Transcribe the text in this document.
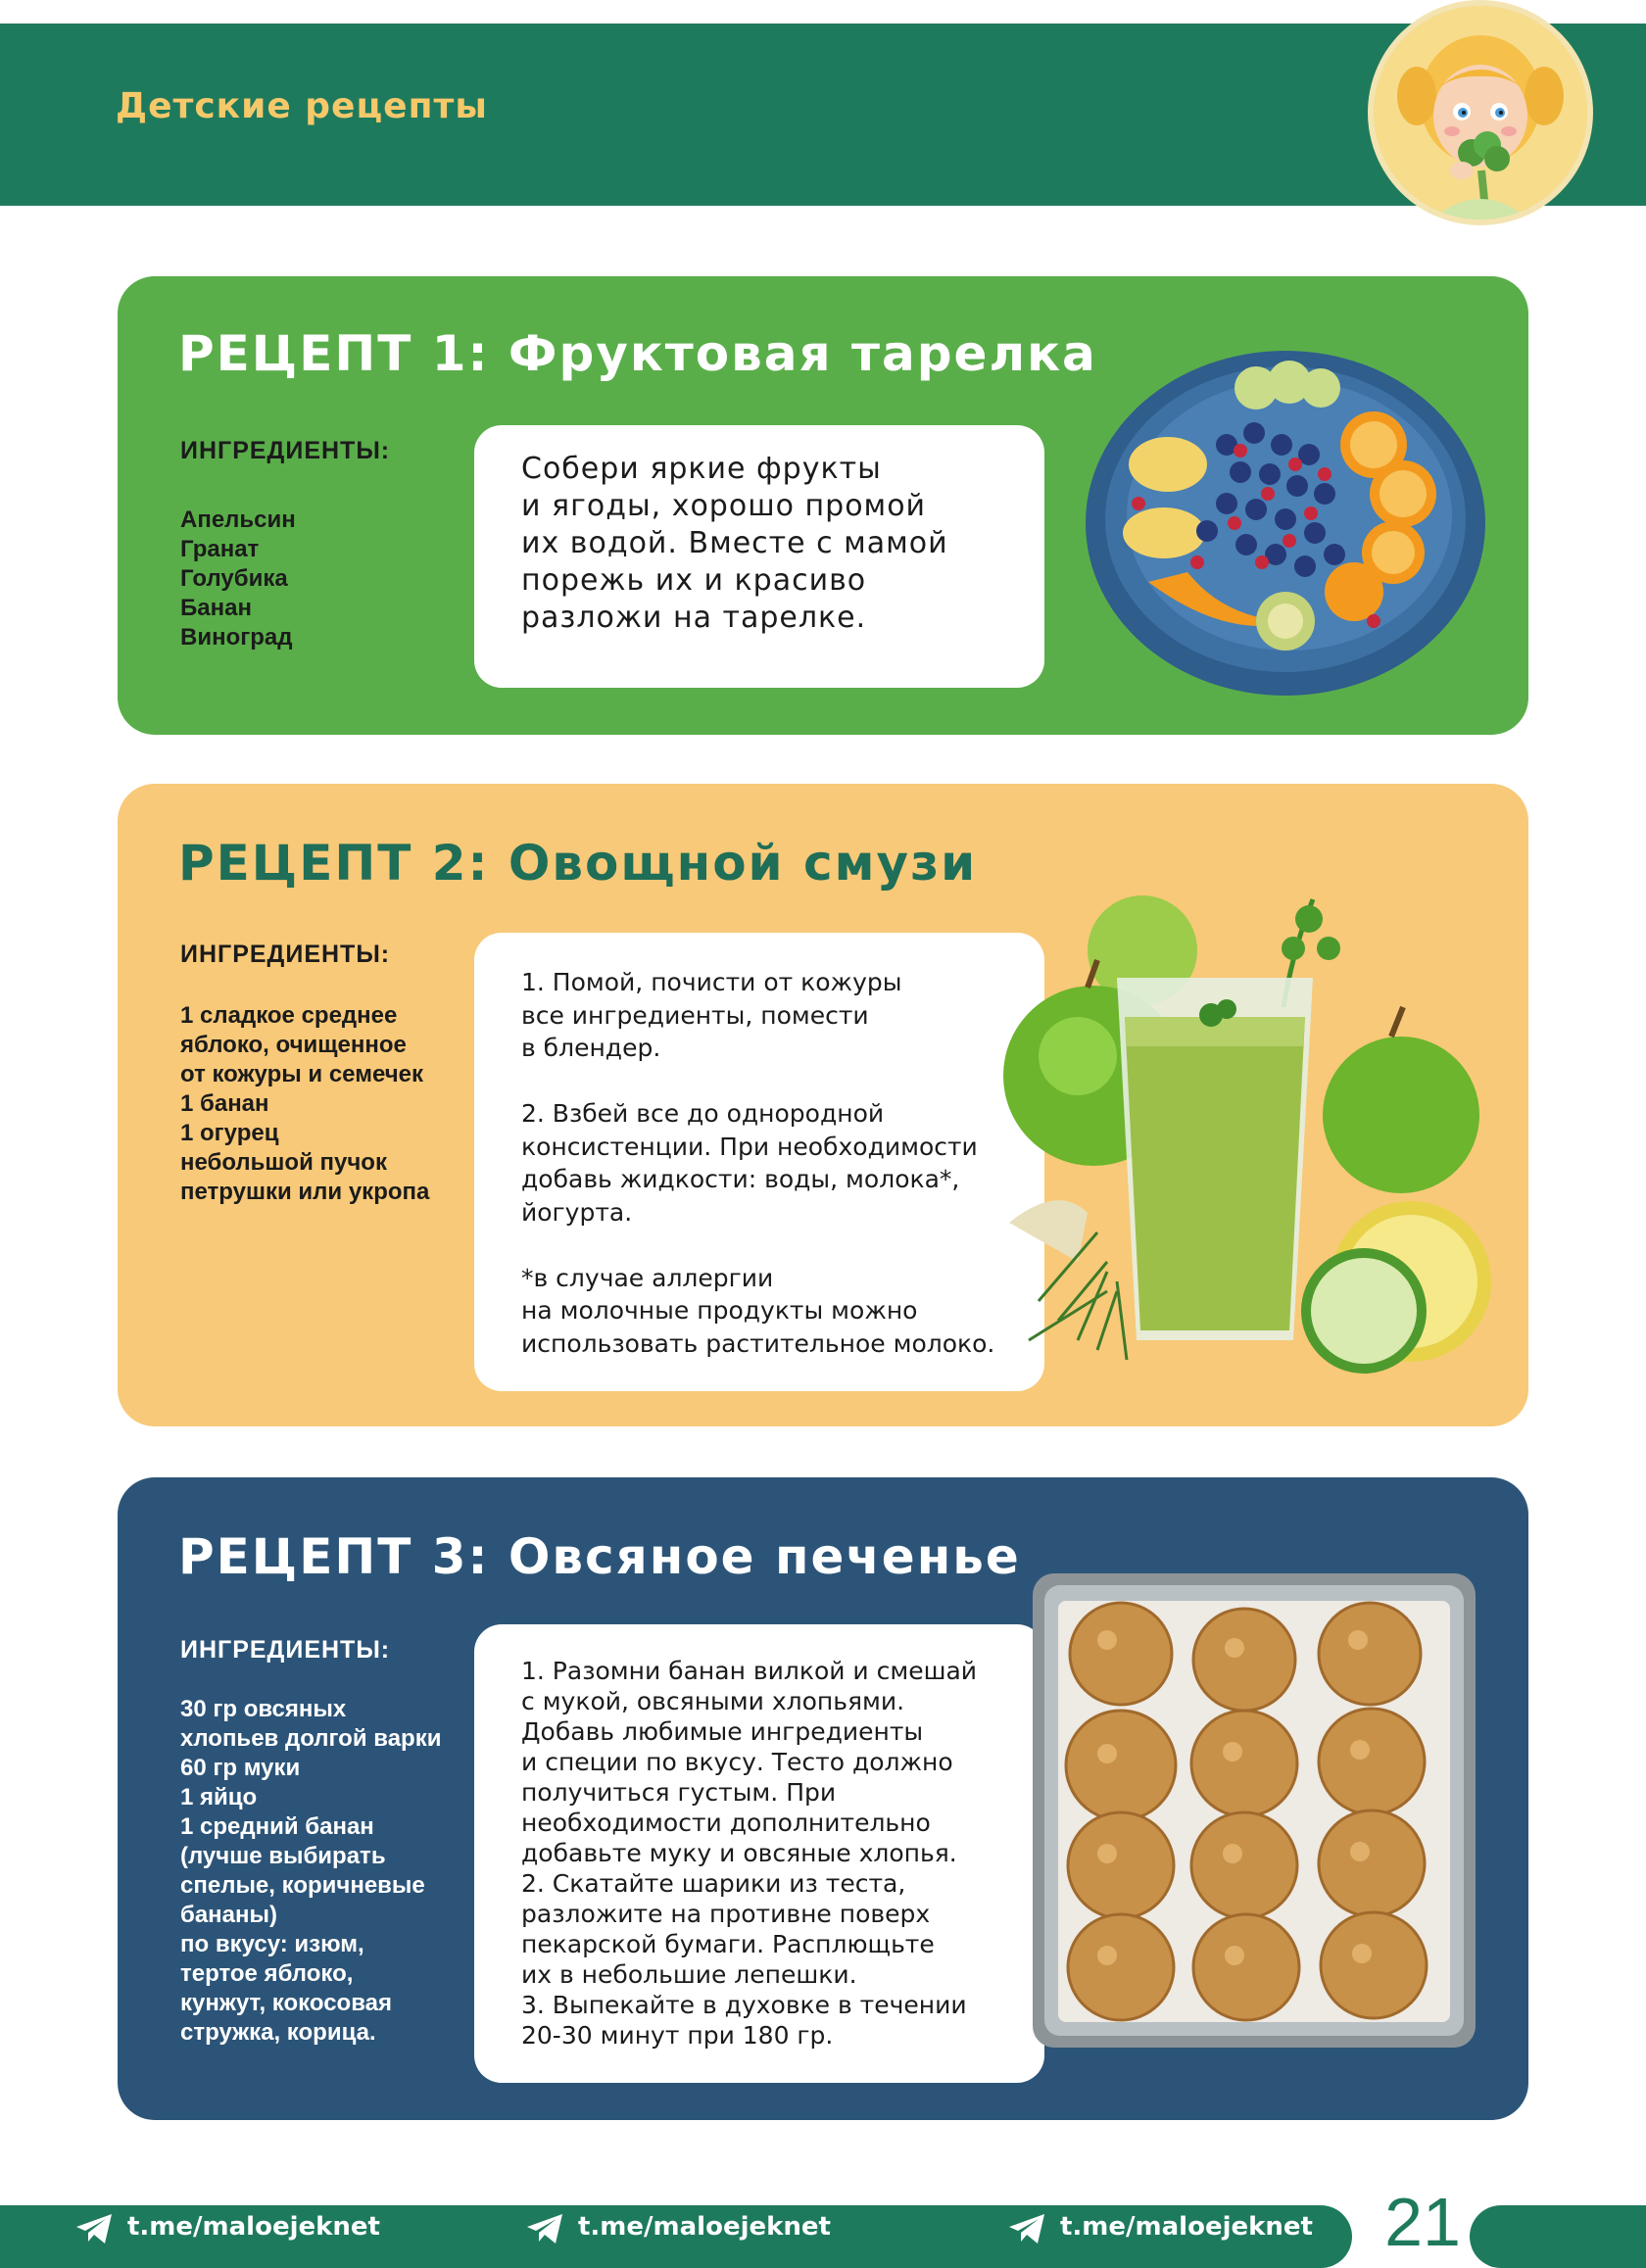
Детские рецепты
РЕЦЕПТ 1: Фруктовая тарелка
ИНГРЕДИЕНТЫ:
Апельсин
Гранат
Голубика
Банан
Виноград

Собери яркие фрукты
и ягоды, хорошо промой
их водой. Вместе с мамой
порежь их и красиво
разложи на тарелке.

РЕЦЕПТ 2: Овощной смузи
ИНГРЕДИЕНТЫ:
1 сладкое среднее
яблоко, очищенное
от кожуры и семечек
1 банан
1 огурец
небольшой пучок
петрушки или укропа

1. Помой, почисти от кожуры
все ингредиенты, помести
в блендер.

2. Взбей все до однородной
консистенции. При необходимости
добавь жидкости: воды, молока*,
йогурта.

*в случае аллергии
на молочные продукты можно
использовать растительное молоко.

РЕЦЕПТ 3: Овсяное печенье
ИНГРЕДИЕНТЫ:
30 гр овсяных
хлопьев долгой варки
60 гр муки
1 яйцо
1 средний банан
(лучше выбирать
спелые, коричневые
бананы)
по вкусу: изюм,
тертое яблоко,
кунжут, кокосовая
стружка, корица.

1. Разомни банан вилкой и смешай
с мукой, овсяными хлопьями.
Добавь любимые ингредиенты
и специи по вкусу. Тесто должно
получиться густым. При
необходимости дополнительно
добавьте муку и овсяные хлопья.
2. Скатайте шарики из теста,
разложите на противне поверх
пекарской бумаги. Расплющьте
их в небольшие лепешки.
3. Выпекайте в духовке в течении
20-30 минут при 180 гр.

t.me/maloejeknet	t.me/maloejeknet	t.me/maloejeknet 21
